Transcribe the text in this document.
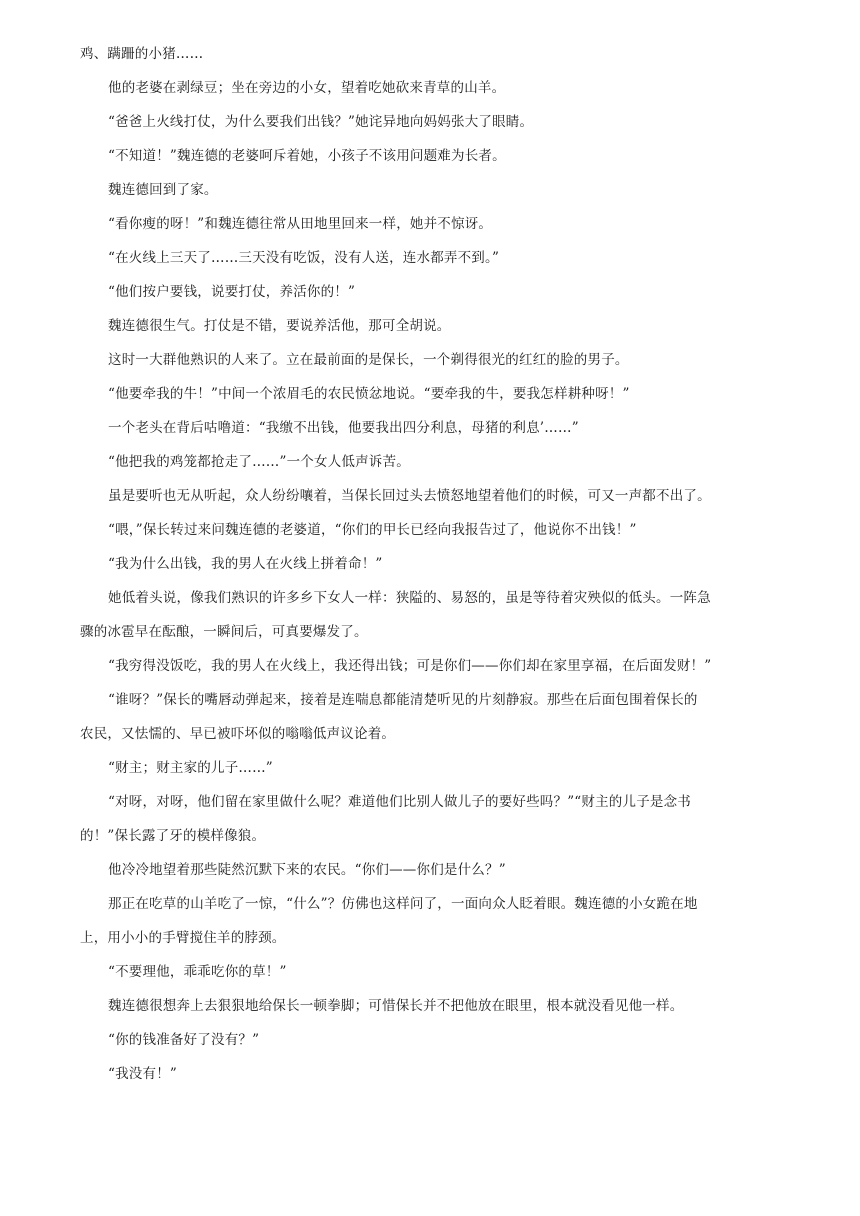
鸡、蹒跚的小猪……

他的老婆在剥绿豆；坐在旁边的小女，望着吃她砍来青草的山羊。

“爸爸上火线打仗，为什么要我们出钱？”她诧异地向妈妈张大了眼睛。

“不知道！”魏连德的老婆呵斥着她，小孩子不该用问题难为长者。

魏连德回到了家。

“看你瘦的呀！”和魏连德往常从田地里回来一样，她并不惊讶。

“在火线上三天了……三天没有吃饭，没有人送，连水都弄不到。”

“他们按户要钱，说要打仗，养活你的！”

魏连德很生气。打仗是不错，要说养活他，那可全胡说。

这时一大群他熟识的人来了。立在最前面的是保长，一个剃得很光的红红的脸的男子。

“他要牵我的牛！”中间一个浓眉毛的农民愤忿地说。“要牵我的牛，要我怎样耕种呀！”

一个老头在背后咕噜道：“我缴不出钱，他要我出四分利息，母猪的利息’……”

“他把我的鸡笼都抢走了……”一个女人低声诉苦。

虽是要听也无从听起，众人纷纷嚷着，当保长回过头去愤怒地望着他们的时候，可又一声都不出了。

“喂，”保长转过来问魏连德的老婆道，“你们的甲长已经向我报告过了，他说你不出钱！”

“我为什么出钱，我的男人在火线上拼着命！”

她低着头说，像我们熟识的许多乡下女人一样：狭隘的、易怒的，虽是等待着灾殃似的低头。一阵急

骤的冰雹早在酝酿，一瞬间后，可真要爆发了。

“我穷得没饭吃，我的男人在火线上，我还得出钱；可是你们——你们却在家里享福，在后面发财！”

“谁呀？”保长的嘴唇动弹起来，接着是连喘息都能清楚听见的片刻静寂。那些在后面包围着保长的

农民，又怯懦的、早已被吓坏似的嗡嗡低声议论着。

“财主；财主家的儿子……”

“对呀，对呀，他们留在家里做什么呢？难道他们比别人做儿子的要好些吗？”“财主的儿子是念书

的！”保长露了牙的模样像狼。

他冷冷地望着那些陡然沉默下来的农民。“你们——你们是什么？”

那正在吃草的山羊吃了一惊，“什么”？仿佛也这样问了，一面向众人眨着眼。魏连德的小女跪在地

上，用小小的手臂搅住羊的脖颈。

“不要理他，乖乖吃你的草！”

魏连德很想奔上去狠狠地给保长一顿拳脚；可惜保长并不把他放在眼里，根本就没看见他一样。

“你的钱准备好了没有？”

“我没有！”
